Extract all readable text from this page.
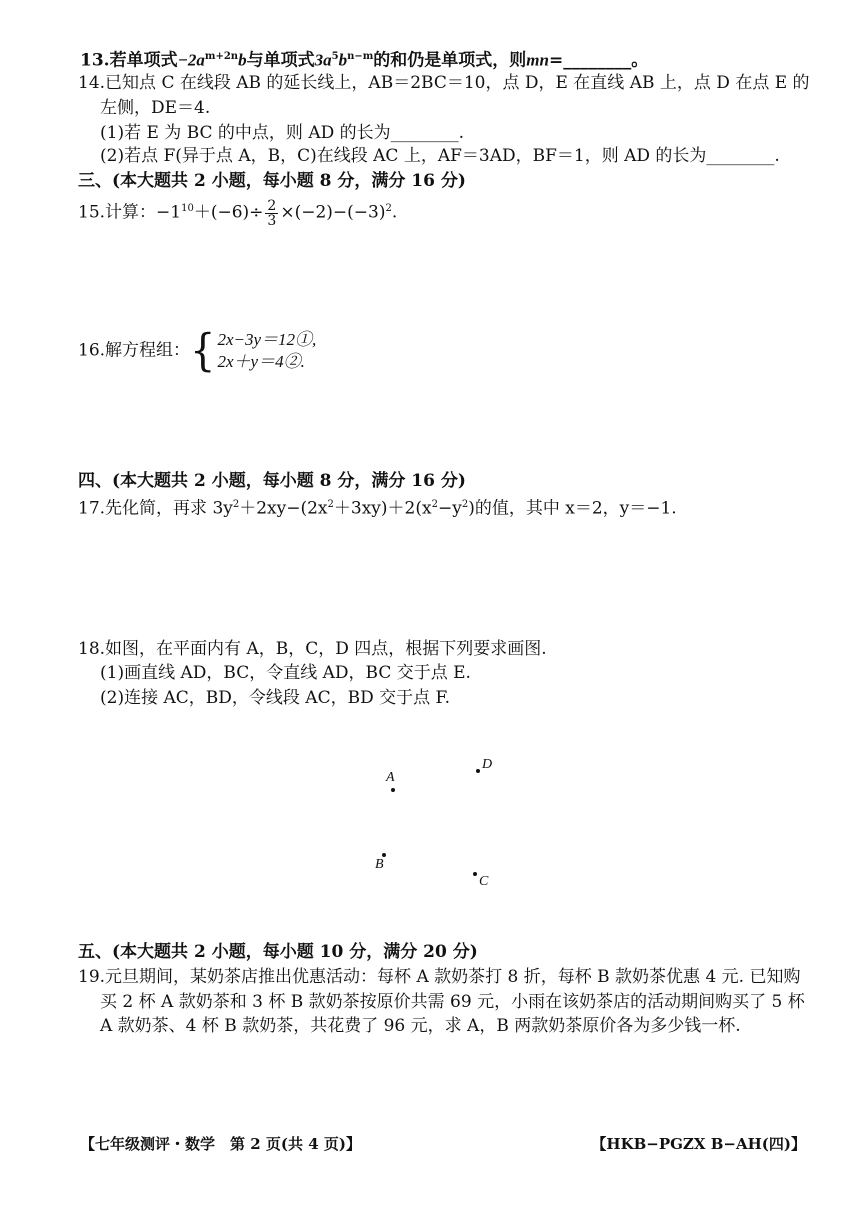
13.若单项式$-2a^{m+2n}b$与单项式$3a^5b^{n-m}$的和仍是单项式，则mn=________。
14.已知点 C 在线段 AB 的延长线上，AB＝2BC＝10，点 D，E 在直线 AB 上，点 D 在点 E 的
左侧，DE＝4.
(1)若 E 为 BC 的中点，则 AD 的长为________.
(2)若点 F(异于点 A，B，C)在线段 AC 上，AF＝3AD，BF＝1，则 AD 的长为________.
三、(本大题共 2 小题，每小题 8 分，满分 16 分)
15.计算：$-1^{10}+(-6)\div \frac{2}{3} \times(-2)-(-3)^2$.
16.解方程组：{ 2x−3y＝12①,
2x＋y＝4②.
四、(本大题共 2 小题，每小题 8 分，满分 16 分)
17.先化简，再求 $3y^2+2xy-(2x^2+3xy)+2(x^2-y^2)$的值，其中 x＝2，y＝−1.
18.如图，在平面内有 A，B，C，D 四点，根据下列要求画图.
(1)画直线 AD，BC，令直线 AD，BC 交于点 E.
(2)连接 AC，BD，令线段 AC，BD 交于点 F.
A
D
B
C
五、(本大题共 2 小题，每小题 10 分，满分 20 分)
19.元旦期间，某奶茶店推出优惠活动：每杯 A 款奶茶打 8 折，每杯 B 款奶茶优惠 4 元. 已知购
买 2 杯 A 款奶茶和 3 杯 B 款奶茶按原价共需 69 元，小雨在该奶茶店的活动期间购买了 5 杯
A 款奶茶、4 杯 B 款奶茶，共花费了 96 元，求 A，B 两款奶茶原价各为多少钱一杯.
【七年级测评・数学　第 2 页(共 4 页)】	【HKB−PGZX B−AH(四)】
